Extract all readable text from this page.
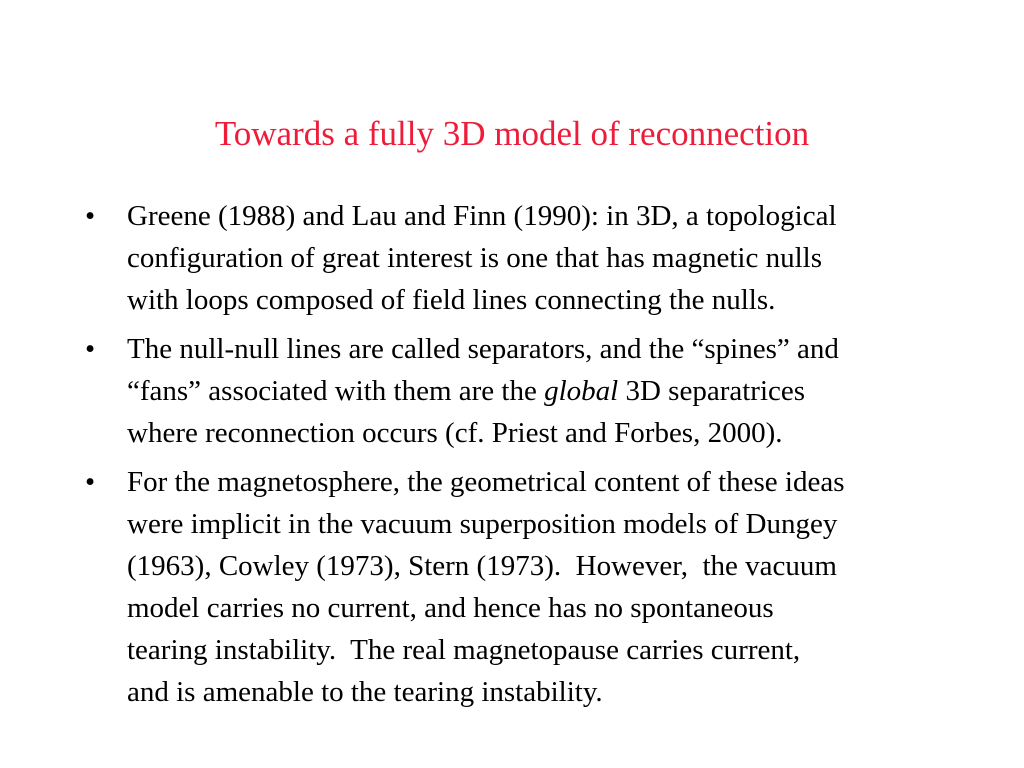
Towards a fully 3D model of reconnection
•	Greene (1988) and Lau and Finn (1990): in 3D, a topological
configuration of great interest is one that has magnetic nulls
with loops composed of field lines connecting the nulls.
•	The null-null lines are called separators, and the “spines” and
“fans” associated with them are the global 3D separatrices
where reconnection occurs (cf. Priest and Forbes, 2000).
•	For the magnetosphere, the geometrical content of these ideas
were implicit in the vacuum superposition models of Dungey
(1963), Cowley (1973), Stern (1973).  However,  the vacuum
model carries no current, and hence has no spontaneous
tearing instability.  The real magnetopause carries current,
and is amenable to the tearing instability.
